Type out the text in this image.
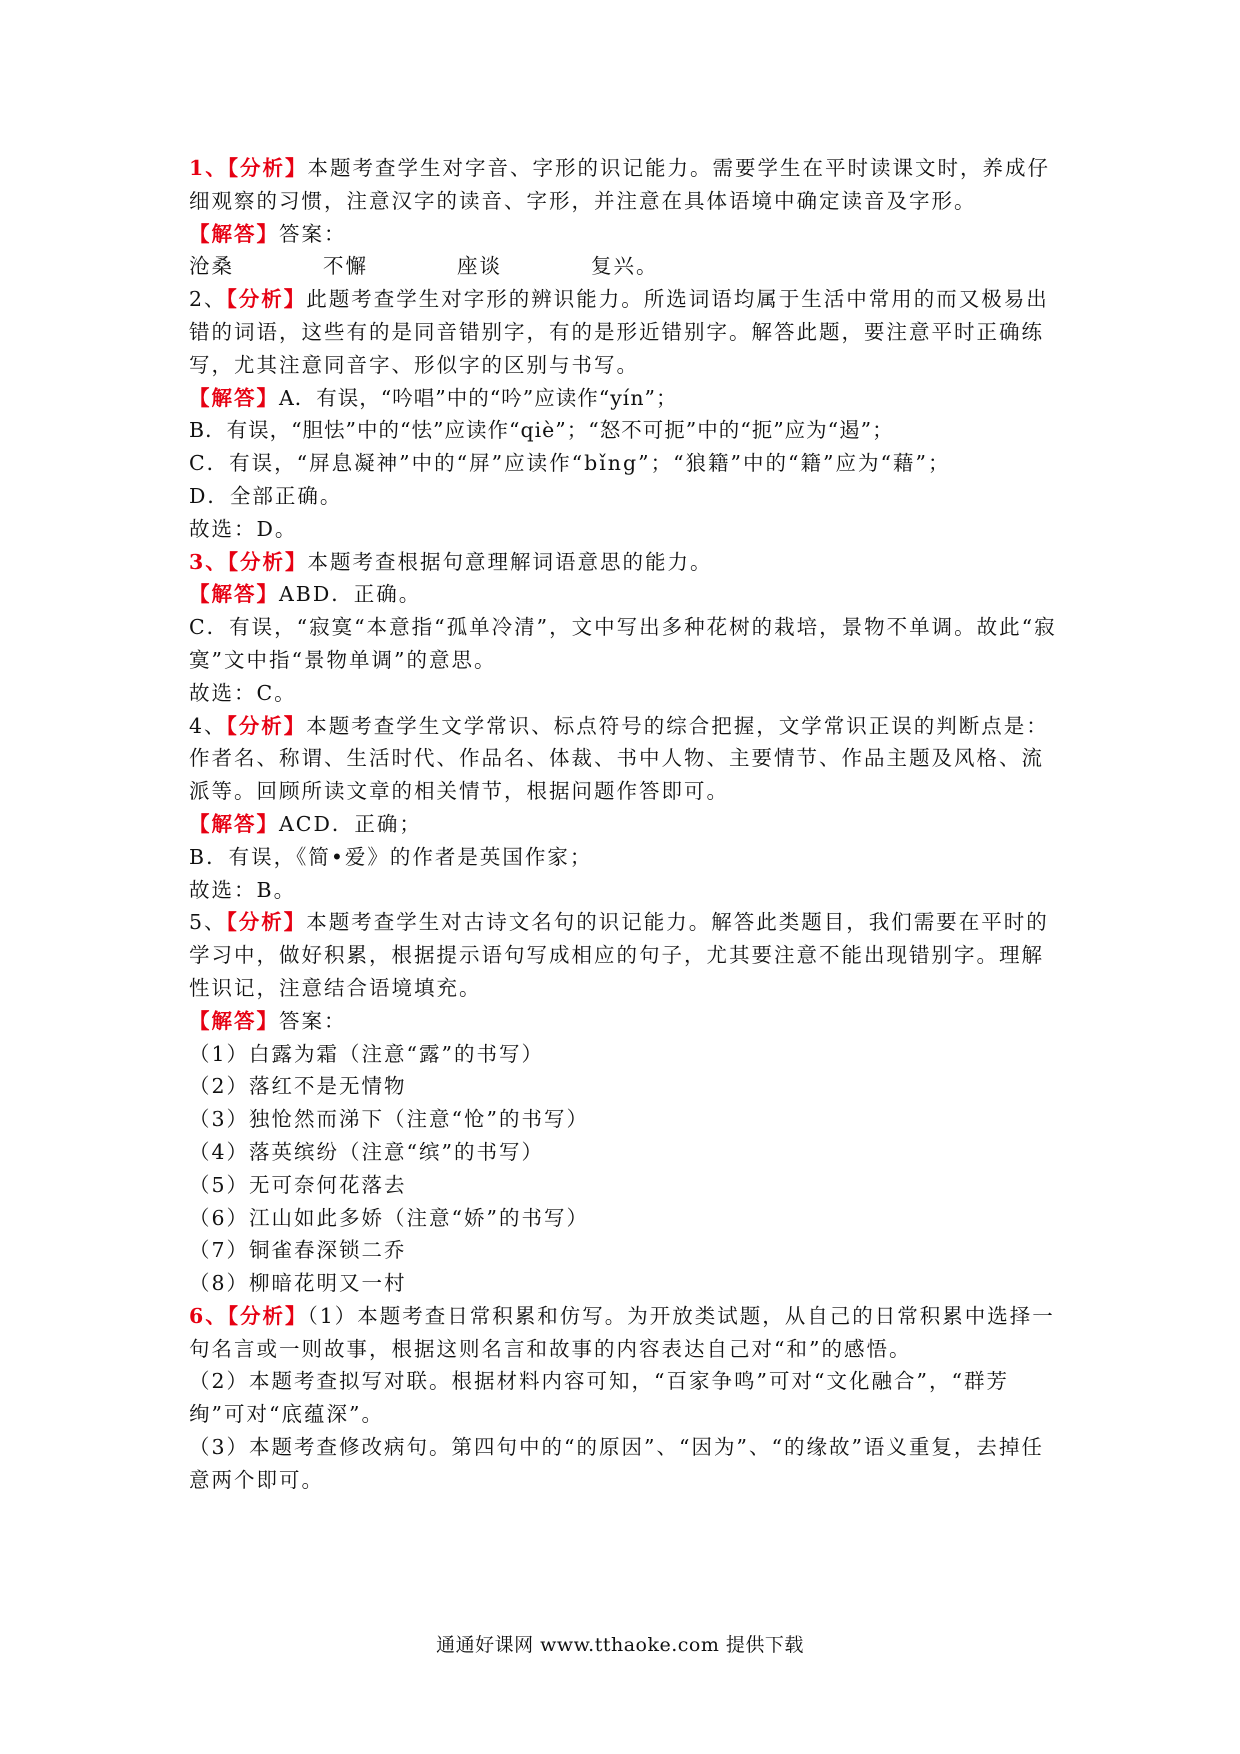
1、【分析】本题考查学生对字音、字形的识记能力。需要学生在平时读课文时，养成仔细观察的习惯，注意汉字的读音、字形，并注意在具体语境中确定读音及字形。

【解答】答案：

沧桑	不懈	座谈	复兴。

2、【分析】此题考查学生对字形的辨识能力。所选词语均属于生活中常用的而又极易出错的词语，这些有的是同音错别字，有的是形近错别字。解答此题，要注意平时正确练写，尤其注意同音字、形似字的区别与书写。

【解答】A．有误，“吟唱”中的“吟”应读作“yín”；

B．有误，“胆怯”中的“怯”应读作“qiè”；“怒不可扼”中的“扼”应为“遏”；

C．有误，“屏息凝神”中的“屏”应读作“bǐng”；“狼籍”中的“籍”应为“藉”；

D．全部正确。

故选：D。

3、【分析】本题考查根据句意理解词语意思的能力。

【解答】ABD．正确。

C．有误，“寂寞“本意指“孤单冷清”，文中写出多种花树的栽培，景物不单调。故此“寂寞”文中指“景物单调”的意思。

故选：C。

4、【分析】本题考查学生文学常识、标点符号的综合把握，文学常识正误的判断点是：作者名、称谓、生活时代、作品名、体裁、书中人物、主要情节、作品主题及风格、流派等。回顾所读文章的相关情节，根据问题作答即可。

【解答】ACD．正确；

B．有误，《简•爱》的作者是英国作家；

故选：B。

5、【分析】本题考查学生对古诗文名句的识记能力。解答此类题目，我们需要在平时的学习中，做好积累，根据提示语句写成相应的句子，尤其要注意不能出现错别字。理解性识记，注意结合语境填充。

【解答】答案：

（1）白露为霜（注意“露”的书写）

（2）落红不是无情物

（3）独怆然而涕下（注意“怆”的书写）

（4）落英缤纷（注意“缤”的书写）

（5）无可奈何花落去

（6）江山如此多娇（注意“娇”的书写）

（7）铜雀春深锁二乔

（8）柳暗花明又一村

6、【分析】（1）本题考查日常积累和仿写。为开放类试题，从自己的日常积累中选择一句名言或一则故事，根据这则名言和故事的内容表达自己对“和”的感悟。

（2）本题考查拟写对联。根据材料内容可知，“百家争鸣”可对“文化融合”，“群芳绚”可对“底蕴深”。

（3）本题考查修改病句。第四句中的“的原因”、“因为”、“的缘故”语义重复，去掉任意两个即可。

通通好课网 www.tthaoke.com 提供下载
